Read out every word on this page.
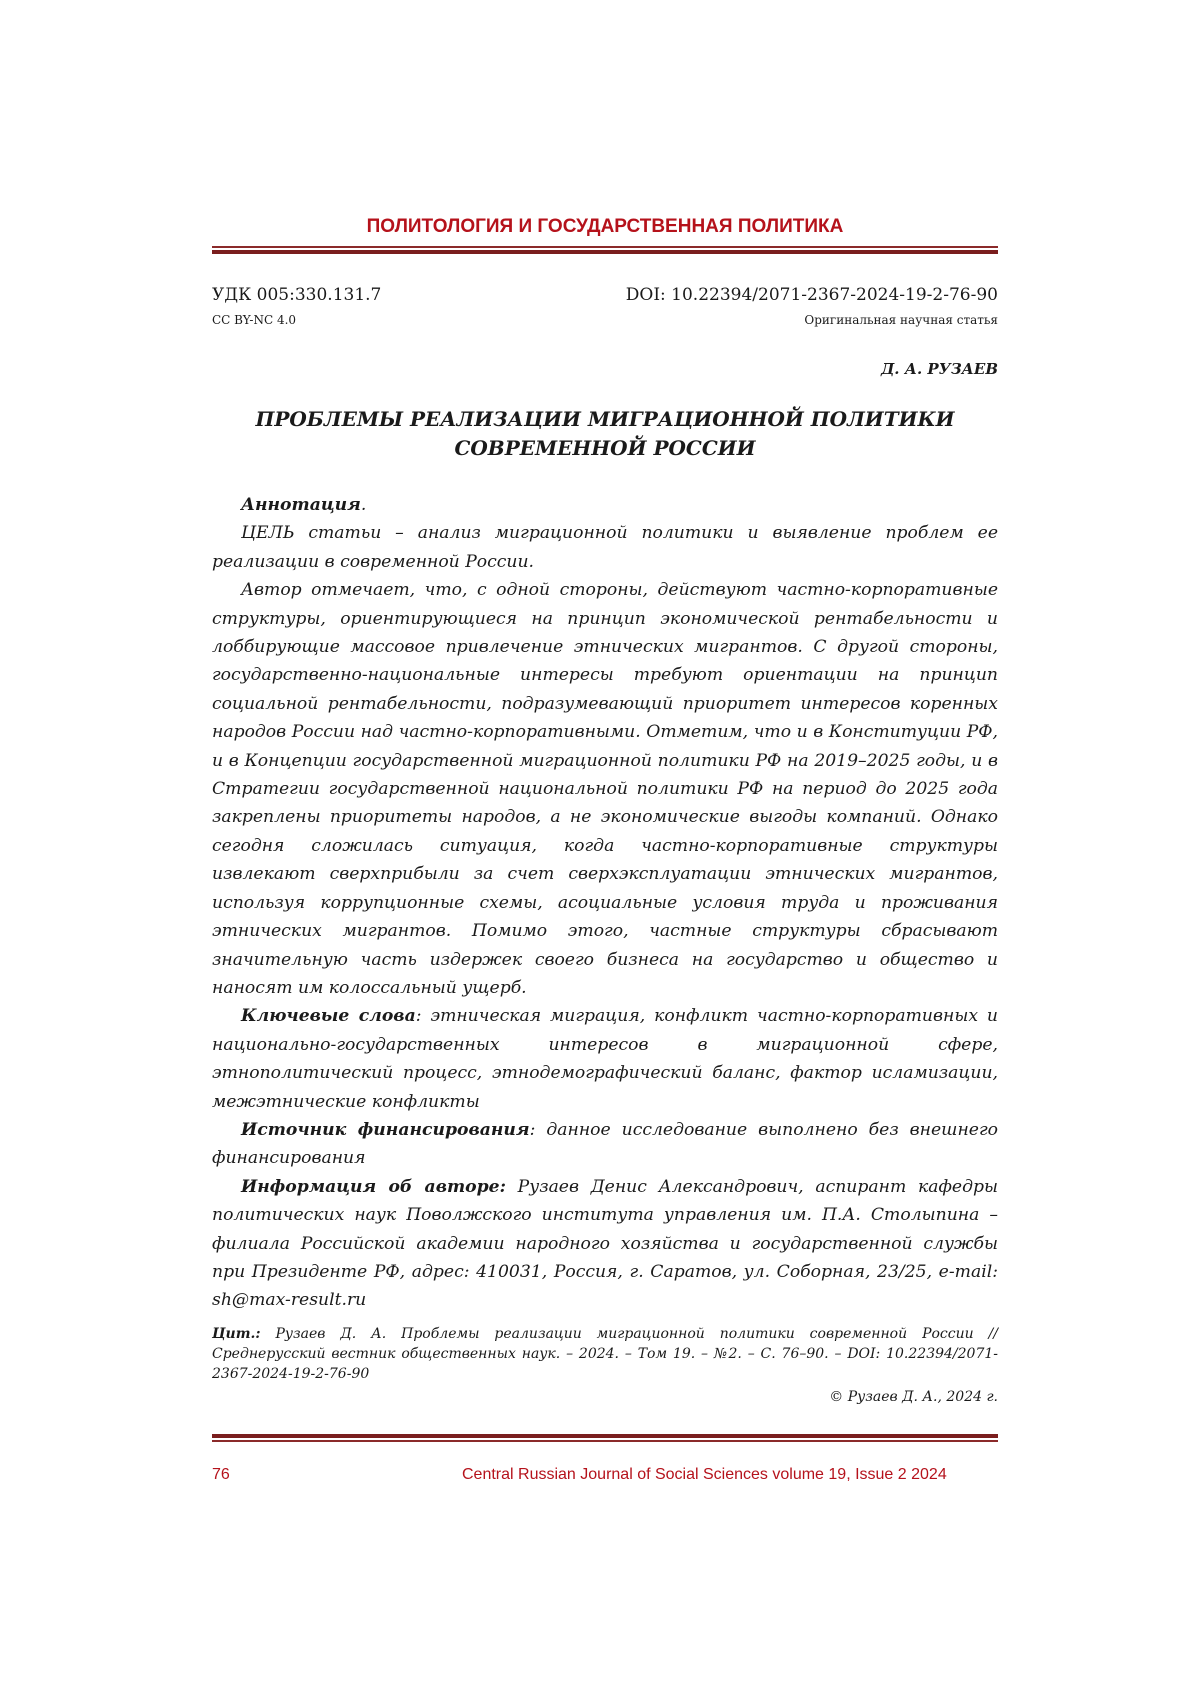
ПОЛИТОЛОГИЯ И ГОСУДАРСТВЕННАЯ ПОЛИТИКА
УДК 005:330.131.7	DOI: 10.22394/2071-2367-2024-19-2-76-90
CC BY-NC 4.0	Оригинальная научная статья
Д. А. РУЗАЕВ
ПРОБЛЕМЫ РЕАЛИЗАЦИИ МИГРАЦИОННОЙ ПОЛИТИКИ
СОВРЕМЕННОЙ РОССИИ

Аннотация.

ЦЕЛЬ статьи – анализ миграционной политики и выявление проблем ее реализации в современной России.

Автор отмечает, что, с одной стороны, действуют частно-корпоративные структуры, ориентирующиеся на принцип экономической рентабельности и лоббирующие массовое привлечение этнических мигрантов. С другой стороны, государственно-национальные интересы требуют ориентации на принцип социальной рентабельности, подразумевающий приоритет интересов коренных народов России над частно-корпоративными. Отметим, что и в Конституции РФ, и в Концепции государственной миграционной политики РФ на 2019–2025 годы, и в Стратегии государственной национальной политики РФ на период до 2025 года закреплены приоритеты народов, а не экономические выгоды компаний. Однако сегодня сложилась ситуация, когда частно-корпоративные структуры извлекают сверхприбыли за счет сверхэксплуатации этнических мигрантов, используя коррупционные схемы, асоциальные условия труда и проживания этнических мигрантов. Помимо этого, частные структуры сбрасывают значительную часть издержек своего бизнеса на государство и общество и наносят им колоссальный ущерб.

Ключевые слова: этническая миграция, конфликт частно-корпоративных и национально-государственных интересов в миграционной сфере, этнополитический процесс, этнодемографический баланс, фактор исламизации, межэтнические конфликты

Источник финансирования: данное исследование выполнено без внешнего финансирования

Информация об авторе: Рузаев Денис Александрович, аспирант кафедры политических наук Поволжского института управления им. П.А. Столыпина – филиала Российской академии народного хозяйства и государственной службы при Президенте РФ, адрес: 410031, Россия, г. Саратов, ул. Соборная, 23/25, e-mail: sh@max-result.ru

Цит.: Рузаев Д. А. Проблемы реализации миграционной политики современной России // Среднерусский вестник общественных наук. – 2024. – Том 19. – №2. – С. 76–90. – DOI: 10.22394/2071-2367-2024-19-2-76-90
© Рузаев Д. А., 2024 г.
76	Central Russian Journal of Social Sciences volume 19, Issue 2 2024
